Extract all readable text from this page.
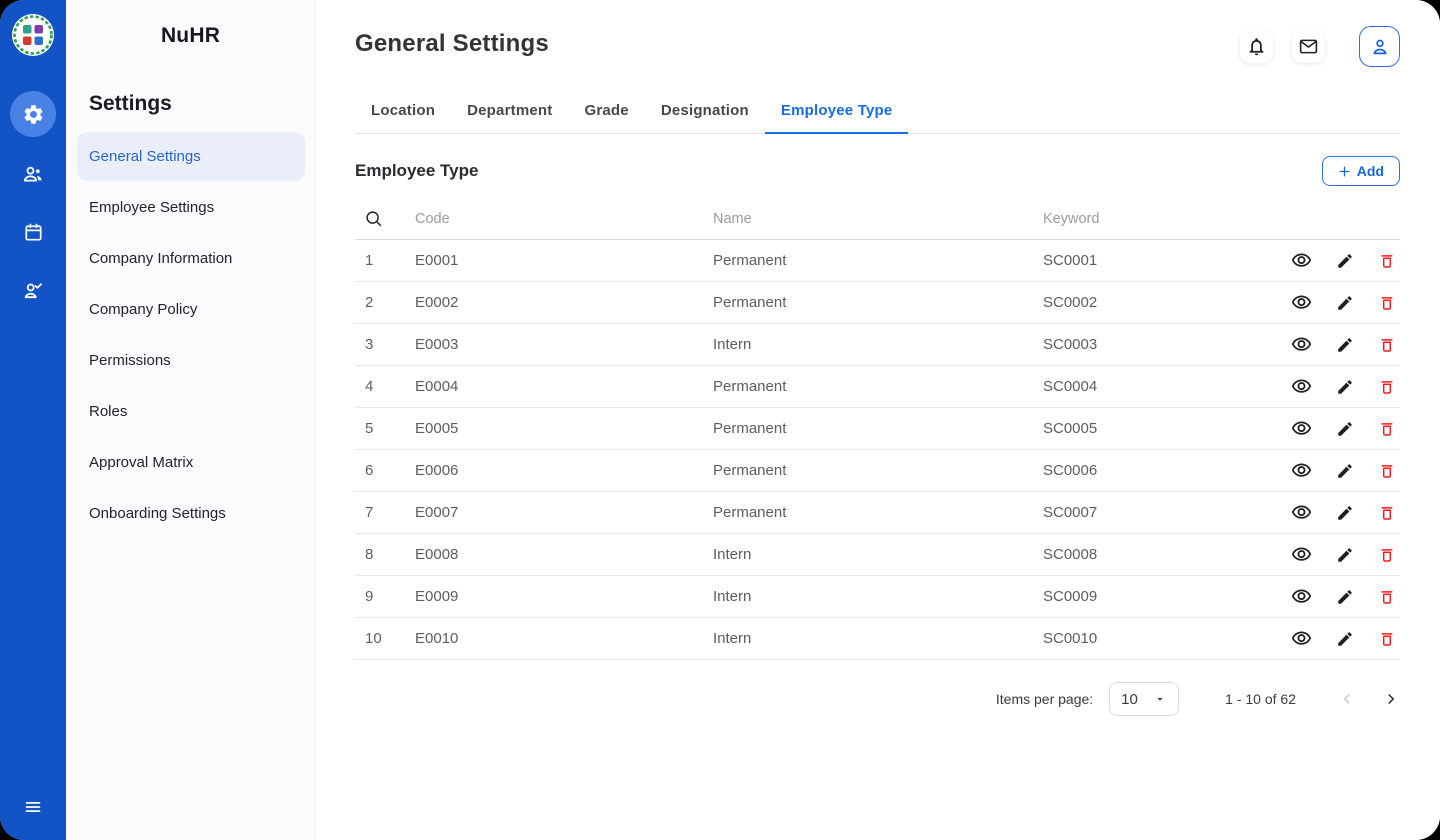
NuHR
Settings
General Settings
Employee Settings
Company Information
Company Policy
Permissions
Roles
Approval Matrix
Onboarding Settings
General Settings
Location	Department	Grade	Designation	Employee Type
Employee Type	Add
Code	Name	Keyword
1	E0001	Permanent	SC0001
2	E0002	Permanent	SC0002
3	E0003	Intern	SC0003
4	E0004	Permanent	SC0004
5	E0005	Permanent	SC0005
6	E0006	Permanent	SC0006
7	E0007	Permanent	SC0007
8	E0008	Intern	SC0008
9	E0009	Intern	SC0009
10	E0010	Intern	SC0010
Items per page: 10	1 - 10 of 62
